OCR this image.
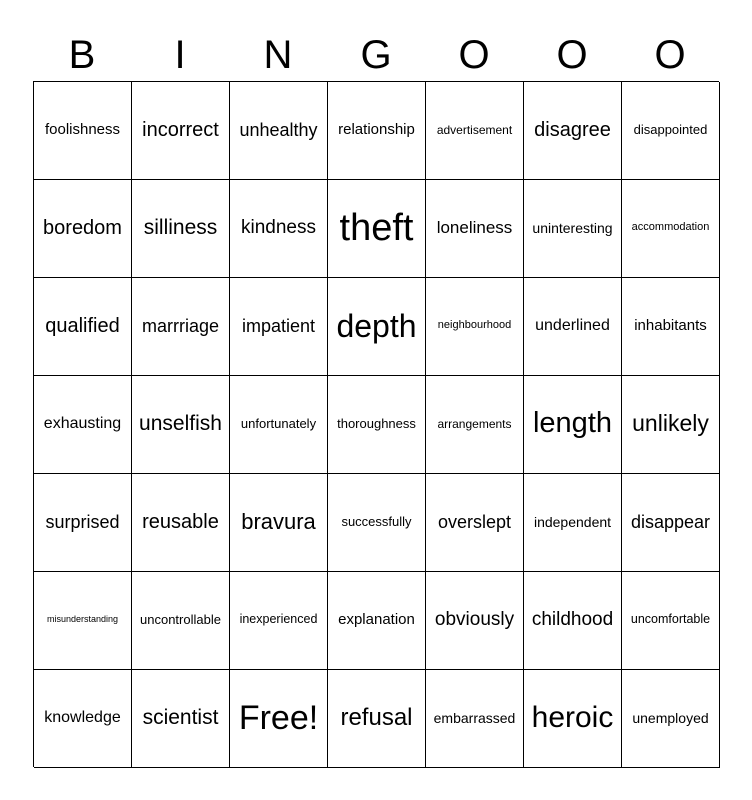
B	I	N	G	O	O	O
foolishness incorrect unhealthy relationship advertisement disagree disappointed
boredom silliness kindness theft loneliness uninteresting accommodation
qualified marrriage impatient depth neighbourhood underlined inhabitants
exhausting unselfish unfortunately thoroughness arrangements length unlikely
surprised reusable bravura successfully overslept independent disappear
misunderstanding uncontrollable inexperienced explanation obviously childhood uncomfortable
knowledge scientist Free! refusal embarrassed heroic unemployed
